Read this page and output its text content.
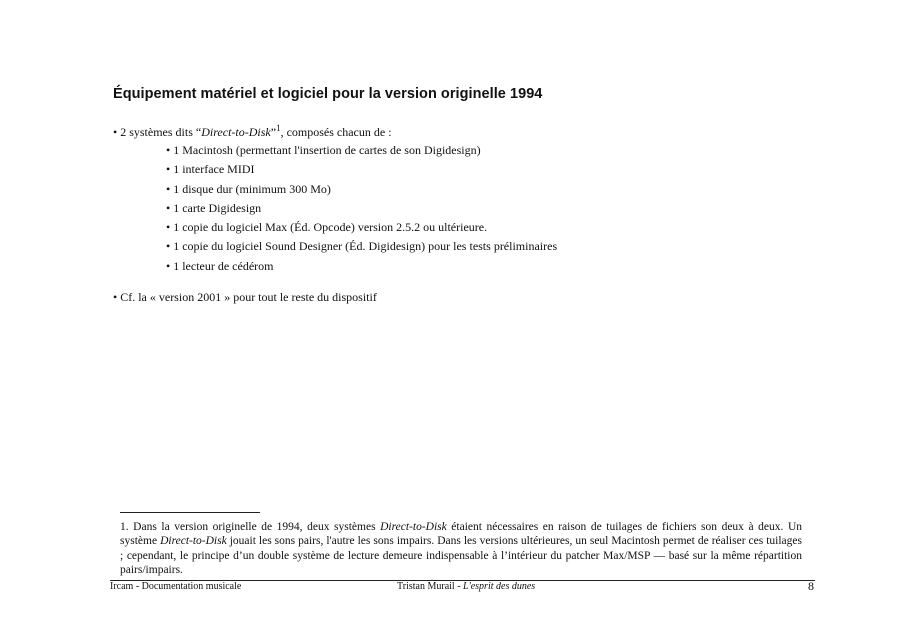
Équipement matériel et logiciel pour la version originelle 1994
• 2 systèmes dits “Direct-to-Disk”$^1$, composés chacun de :
• 1 Macintosh (permettant l'insertion de cartes de son Digidesign)
• 1 interface MIDI
• 1 disque dur (minimum 300 Mo)
• 1 carte Digidesign
• 1 copie du logiciel Max (Éd. Opcode) version 2.5.2 ou ultérieure.
• 1 copie du logiciel Sound Designer (Éd. Digidesign) pour les tests préliminaires
• 1 lecteur de cédérom
• Cf. la « version 2001 » pour tout le reste du dispositif
1. Dans la version originelle de 1994, deux systèmes Direct-to-Disk étaient nécessaires en raison de tuilages de fichiers son deux à deux. Un système Direct-to-Disk jouait les sons pairs, l'autre les sons impairs. Dans les versions ultérieures, un seul Macintosh permet de réaliser ces tuilages ; cependant, le principe d’un double système de lecture demeure indispensable à l’intérieur du patcher Max/MSP — basé sur la même répartition pairs/impairs.
Ircam - Documentation musicale	Tristan Murail - L'esprit des dunes	8
